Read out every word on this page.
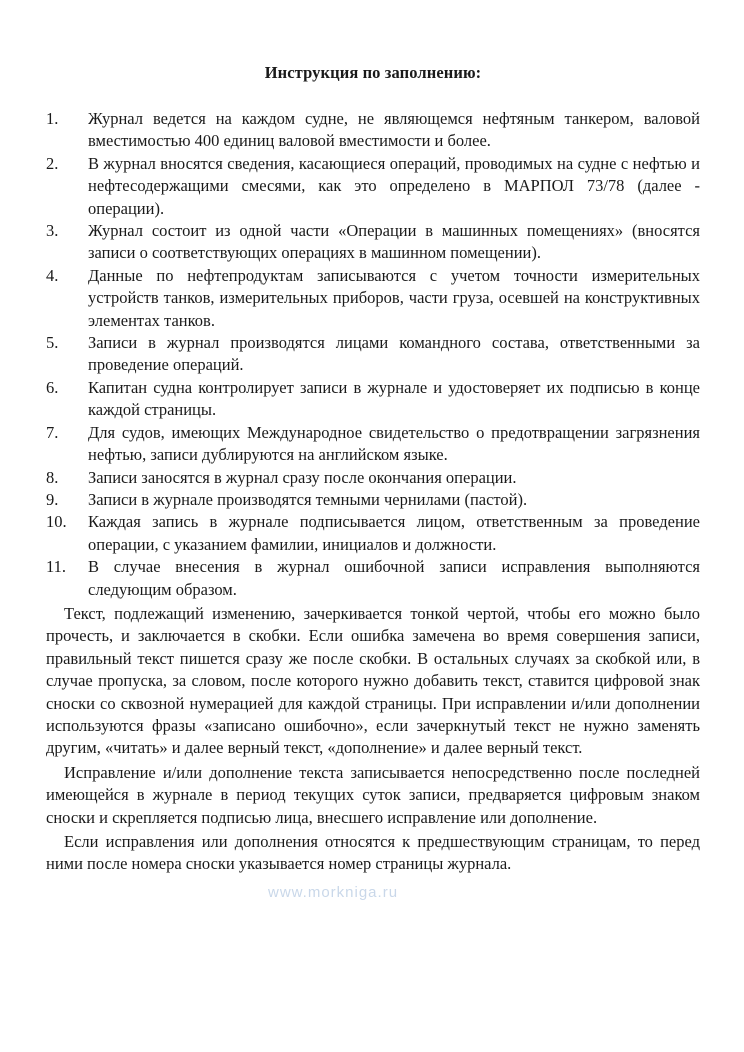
Инструкция по заполнению:
1.	Журнал ведется на каждом судне, не являющемся нефтяным танкером, валовой вместимостью 400 единиц валовой вместимости и более.
2.	В журнал вносятся сведения, касающиеся операций, проводимых на судне с нефтью и нефтесодержащими смесями, как это определено в МАРПОЛ 73/78 (далее - операции).
3.	Журнал состоит из одной части «Операции в машинных помещениях» (вносятся записи о соответствующих операциях в машинном помещении).
4.	Данные по нефтепродуктам записываются с учетом точности измерительных устройств танков, измерительных приборов, части груза, осевшей на конструктивных элементах танков.
5.	Записи в журнал производятся лицами командного состава, ответственными за проведение операций.
6.	Капитан судна контролирует записи в журнале и удостоверяет их подписью в конце каждой страницы.
7.	Для судов, имеющих Международное свидетельство о предотвращении загрязнения нефтью, записи дублируются на английском языке.
8.	Записи заносятся в журнал сразу после окончания операции.
9.	Записи в журнале производятся темными чернилами (пастой).
10.	Каждая запись в журнале подписывается лицом, ответственным за проведение операции, с указанием фамилии, инициалов и должности.
11.	В случае внесения в журнал ошибочной записи исправления выполняются следующим образом.

Текст, подлежащий изменению, зачеркивается тонкой чертой, чтобы его можно было прочесть, и заключается в скобки. Если ошибка замечена во время совершения записи, правильный текст пишется сразу же после скобки. В остальных случаях за скобкой или, в случае пропуска, за словом, после которого нужно добавить текст, ставится цифровой знак сноски со сквозной нумерацией для каждой страницы. При исправлении и/или дополнении используются фразы «записано ошибочно», если зачеркнутый текст не нужно заменять другим, «читать» и далее верный текст, «дополнение» и далее верный текст.

Исправление и/или дополнение текста записывается непосредственно после последней имеющейся в журнале в период текущих суток записи, предваряется цифровым знаком сноски и скрепляется подписью лица, внесшего исправление или дополнение.

Если исправления или дополнения относятся к предшествующим страницам, то перед ними после номера сноски указывается номер страницы журнала.

www.morkniga.ru
